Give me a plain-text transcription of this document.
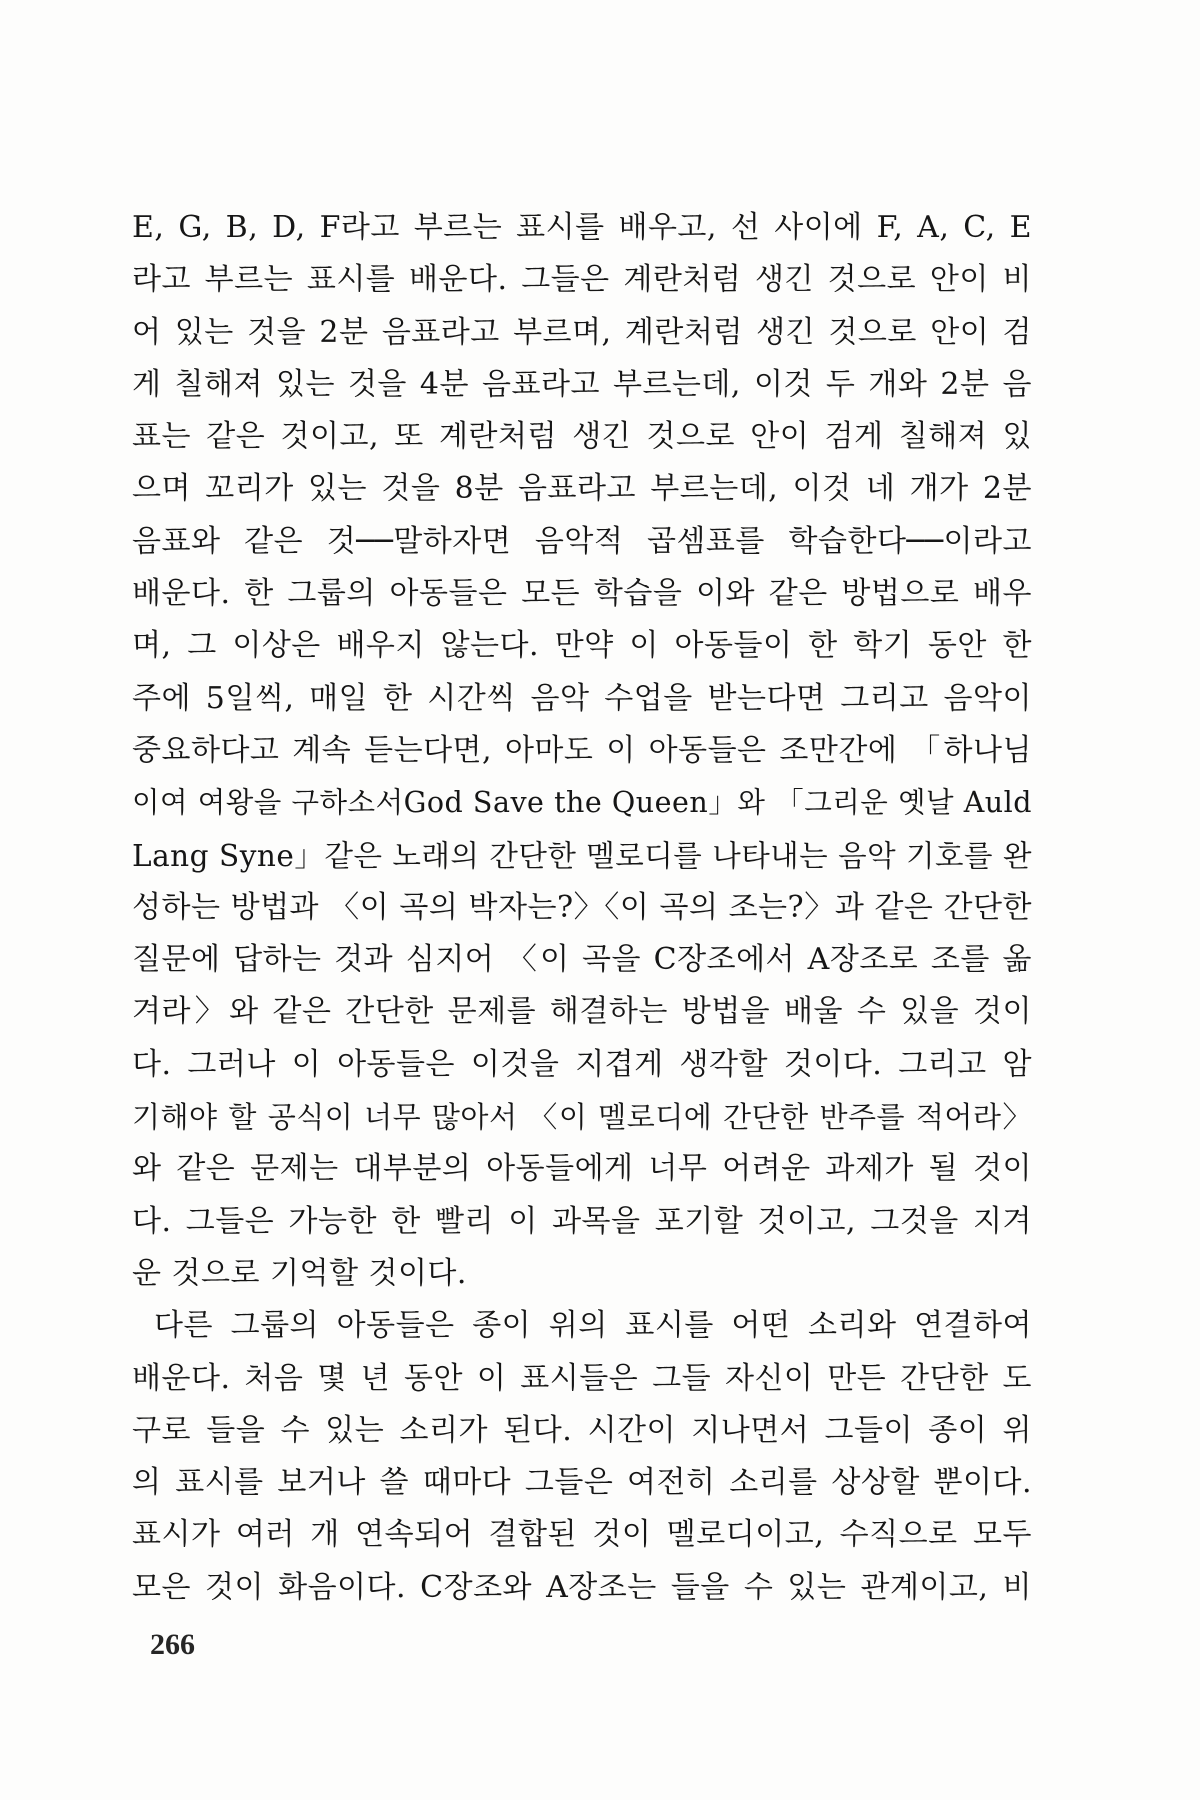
E, G, B, D, F라고 부르는 표시를 배우고, 선 사이에 F, A, C, E
라고 부르는 표시를 배운다. 그들은 계란처럼 생긴 것으로 안이 비
어 있는 것을 2분 음표라고 부르며, 계란처럼 생긴 것으로 안이 검
게 칠해져 있는 것을 4분 음표라고 부르는데, 이것 두 개와 2분 음
표는 같은 것이고, 또 계란처럼 생긴 것으로 안이 검게 칠해져 있
으며 꼬리가 있는 것을 8분 음표라고 부르는데, 이것 네 개가 2분
음표와 같은 것──말하자면 음악적 곱셈표를 학습한다──이라고
배운다. 한 그룹의 아동들은 모든 학습을 이와 같은 방법으로 배우
며, 그 이상은 배우지 않는다. 만약 이 아동들이 한 학기 동안 한
주에 5일씩, 매일 한 시간씩 음악 수업을 받는다면 그리고 음악이
중요하다고 계속 듣는다면, 아마도 이 아동들은 조만간에 「하나님
이여 여왕을 구하소서God Save the Queen」와 「그리운 옛날 Auld
Lang Syne」같은 노래의 간단한 멜로디를 나타내는 음악 기호를 완
성하는 방법과 〈이 곡의 박자는?〉〈이 곡의 조는?〉과 같은 간단한
질문에 답하는 것과 심지어 〈이 곡을 C장조에서 A장조로 조를 옮
겨라〉와 같은 간단한 문제를 해결하는 방법을 배울 수 있을 것이
다. 그러나 이 아동들은 이것을 지겹게 생각할 것이다. 그리고 암
기해야 할 공식이 너무 많아서 〈이 멜로디에 간단한 반주를 적어라〉
와 같은 문제는 대부분의 아동들에게 너무 어려운 과제가 될 것이
다. 그들은 가능한 한 빨리 이 과목을 포기할 것이고, 그것을 지겨
운 것으로 기억할 것이다.
다른 그룹의 아동들은 종이 위의 표시를 어떤 소리와 연결하여
배운다. 처음 몇 년 동안 이 표시들은 그들 자신이 만든 간단한 도
구로 들을 수 있는 소리가 된다. 시간이 지나면서 그들이 종이 위
의 표시를 보거나 쓸 때마다 그들은 여전히 소리를 상상할 뿐이다.
표시가 여러 개 연속되어 결합된 것이 멜로디이고, 수직으로 모두
모은 것이 화음이다. C장조와 A장조는 들을 수 있는 관계이고, 비
266
